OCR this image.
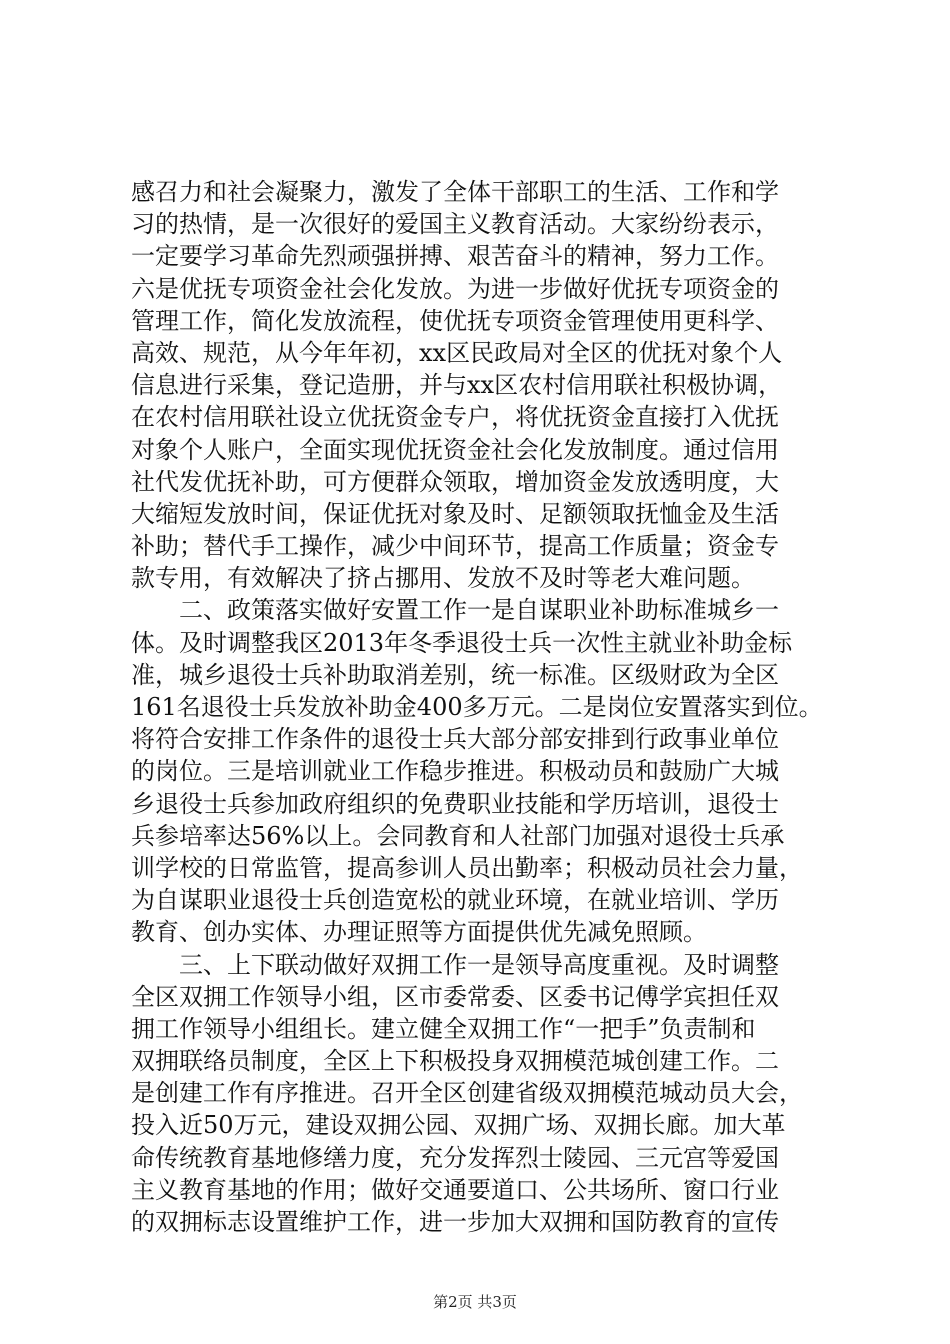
感召力和社会凝聚力，激发了全体干部职工的生活、工作和学
习的热情，是一次很好的爱国主义教育活动。大家纷纷表示，
一定要学习革命先烈顽强拼搏、艰苦奋斗的精神，努力工作。
六是优抚专项资金社会化发放。为进一步做好优抚专项资金的
管理工作，简化发放流程，使优抚专项资金管理使用更科学、
高效、规范，从今年年初，xx区民政局对全区的优抚对象个人
信息进行采集，登记造册，并与xx区农村信用联社积极协调，
在农村信用联社设立优抚资金专户，将优抚资金直接打入优抚
对象个人账户，全面实现优抚资金社会化发放制度。通过信用
社代发优抚补助，可方便群众领取，增加资金发放透明度，大
大缩短发放时间，保证优抚对象及时、足额领取抚恤金及生活
补助；替代手工操作，减少中间环节，提高工作质量；资金专
款专用，有效解决了挤占挪用、发放不及时等老大难问题。
　　二、政策落实做好安置工作一是自谋职业补助标准城乡一
体。及时调整我区2013年冬季退役士兵一次性主就业补助金标
准，城乡退役士兵补助取消差别，统一标准。区级财政为全区
161名退役士兵发放补助金400多万元。二是岗位安置落实到位。
将符合安排工作条件的退役士兵大部分部安排到行政事业单位
的岗位。三是培训就业工作稳步推进。积极动员和鼓励广大城
乡退役士兵参加政府组织的免费职业技能和学历培训，退役士
兵参培率达56%以上。会同教育和人社部门加强对退役士兵承
训学校的日常监管，提高参训人员出勤率；积极动员社会力量，
为自谋职业退役士兵创造宽松的就业环境，在就业培训、学历
教育、创办实体、办理证照等方面提供优先减免照顾。
　　三、上下联动做好双拥工作一是领导高度重视。及时调整
全区双拥工作领导小组，区市委常委、区委书记傅学宾担任双
拥工作领导小组组长。建立健全双拥工作“一把手”负责制和
双拥联络员制度，全区上下积极投身双拥模范城创建工作。二
是创建工作有序推进。召开全区创建省级双拥模范城动员大会，
投入近50万元，建设双拥公园、双拥广场、双拥长廊。加大革
命传统教育基地修缮力度，充分发挥烈士陵园、三元宫等爱国
主义教育基地的作用；做好交通要道口、公共场所、窗口行业
的双拥标志设置维护工作，进一步加大双拥和国防教育的宣传
第2页 共3页
